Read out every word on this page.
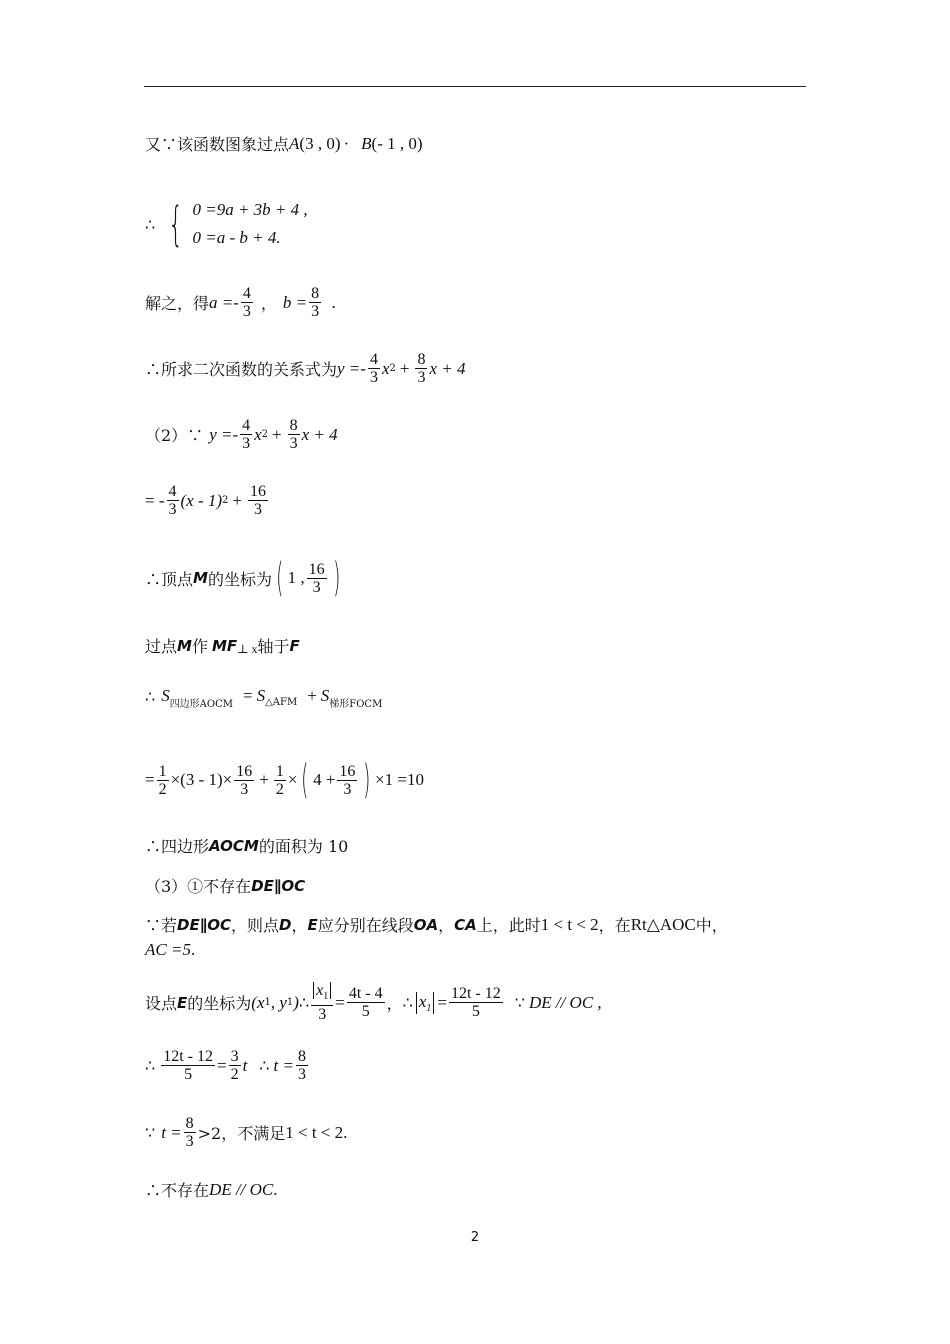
又∵该函数图象过点 A (3 , 0) · B (- 1 , 0)
∴ { 0 =9a + 3b + 4 ,
0 =a - b + 4.
解之，得 $a =- \frac{4}{3}$ ， $b = \frac{8}{3}$ .
∴所求二次函数的关系式为 $y =- \frac{4}{3}$ x $2 + \frac{8}{3}$ x + 4
（2）∵ $y =- \frac{4}{3}$ x $2 + \frac{8}{3}$ x + 4
= - $\frac{4}{3} (x - 1) 2 + \frac{16}{3}$
∴顶点 M 的坐标为 ( 1 , $\frac{16}{3}$ )
过点 M 作 MF ⊥ x 轴于 F
∴ S 四边形AOCM = S △AFM + S 梯形FOCM
= $\frac{1}{2} \times(3 - 1)\times \frac{16}{3} + \frac{1}{2}$ × ( $4 + \frac{16}{3}$ ) ×1 =10
∴四边形 AOCM 的面积为 10
（3）①不存在 DE∥OC
∵若 DE∥OC ，则点 D ， E 应分别在线段 OA ， CA 上，此时 1 < t < 2 ，在 Rt△AOC 中，
AC =5 .
设点 E 的坐标为 (x 1 , y 1 ) ∴ $\frac{x_1}{3} = \frac{4t - 4}{5}$ ， ∴ $x_1 = \frac{12t - 12}{5}$ ∵ DE // OC ,
∴ $\frac{12t - 12}{5} = \frac{3}{2}$ t ∴ $t = \frac{8}{3}$
∵ $t = \frac{8}{3} >2$，不满足 1 < t < 2 .
∴不存在 DE // OC .
2
